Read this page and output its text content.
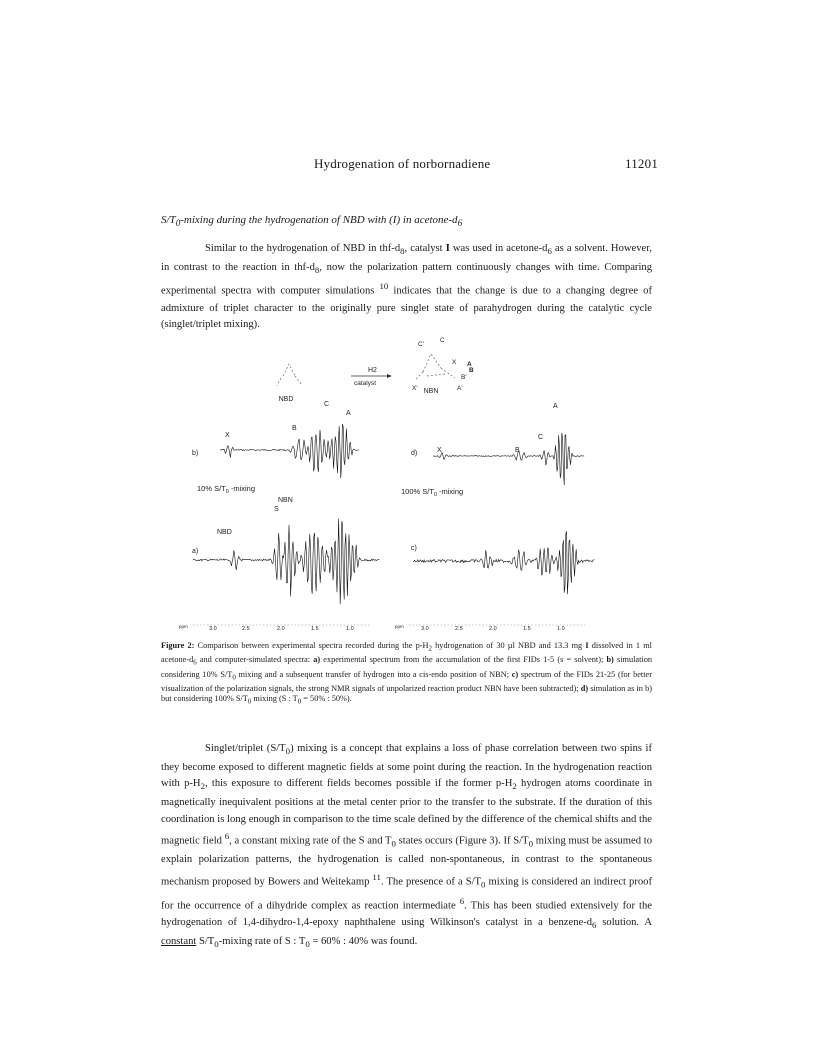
Hydrogenation of norbornadiene	11201
$S/T_0$-mixing during the hydrogenation of NBD with (I) in acetone-$d_6$

Similar to the hydrogenation of NBD in thf-$d_8$, catalyst I was used in acetone-$d_6$ as a solvent. However, in contrast to the reaction in thf-$d_8$, now the polarization pattern continuously changes with time. Comparing experimental spectra with computer simulations $^{10}$ indicates that the change is due to a changing degree of admixture of triplet character to the originally pure singlet state of parahydrogen during the catalytic cycle (singlet/triplet mixing).

NBD
H2
catalyst
C'
C
X
B
A
B'
X'	A'
NBN
b)
a)
d)
c)
10% $S/T_0$ -mixing	100% $S/T_0$ -mixing
X
B
C
A
NBN
S
NBD
X	B
C
A
ppm	3.0	2.5	2.0	1.5	1.0	ppm	3.0	2.5	2.0	1.5	1.0
Figure 2: Comparison between experimental spectra recorded during the $p-H_2$ hydrogenation of 30 µl NBD and 13.3 mg I dissolved in 1 ml acetone-$d_6$ and computer-simulated spectra: a) experimental spectrum from the accumulation of the first FIDs 1-5 (s = solvent); b) simulation considering 10% $S/T_0$ mixing and a subsequent transfer of hydrogen into a cis-endo position of NBN; c) spectrum of the FIDs 21-25 (for better visualization of the polarization signals, the strong NMR signals of unpolarized reaction product NBN have been subtracted); d) simulation as in b) but considering 100% $S/T_0$ mixing (S : $T_0 = 50\%$ : 50%).

Singlet/triplet $(S/T_0)$ mixing is a concept that explains a loss of phase correlation between two spins if they become exposed to different magnetic fields at some point during the reaction. In the hydrogenation reaction with $p-H_2$, this exposure to different fields becomes possible if the former $p-H_2$ hydrogen atoms coordinate in magnetically inequivalent positions at the metal center prior to the transfer to the substrate. If the duration of this coordination is long enough in comparison to the time scale defined by the difference of the chemical shifts and the magnetic field $^6$, a constant mixing rate of the S and $T_0$ states occurs (Figure 3). If $S/T_0$ mixing must be assumed to explain polarization patterns, the hydrogenation is called non-spontaneous, in contrast to the spontaneous mechanism proposed by Bowers and Weitekamp $^{11}$. The presence of a $S/T_0$ mixing is considered an indirect proof for the occurrence of a dihydride complex as reaction intermediate $^6$. This has been studied extensively for the hydrogenation of 1,4-dihydro-1,4-epoxy naphthalene using Wilkinson's catalyst in a benzene-$d_6$ solution. A constant $S/T_0$-mixing rate of S : $T_0 = 60\%$ : 40% was found.
